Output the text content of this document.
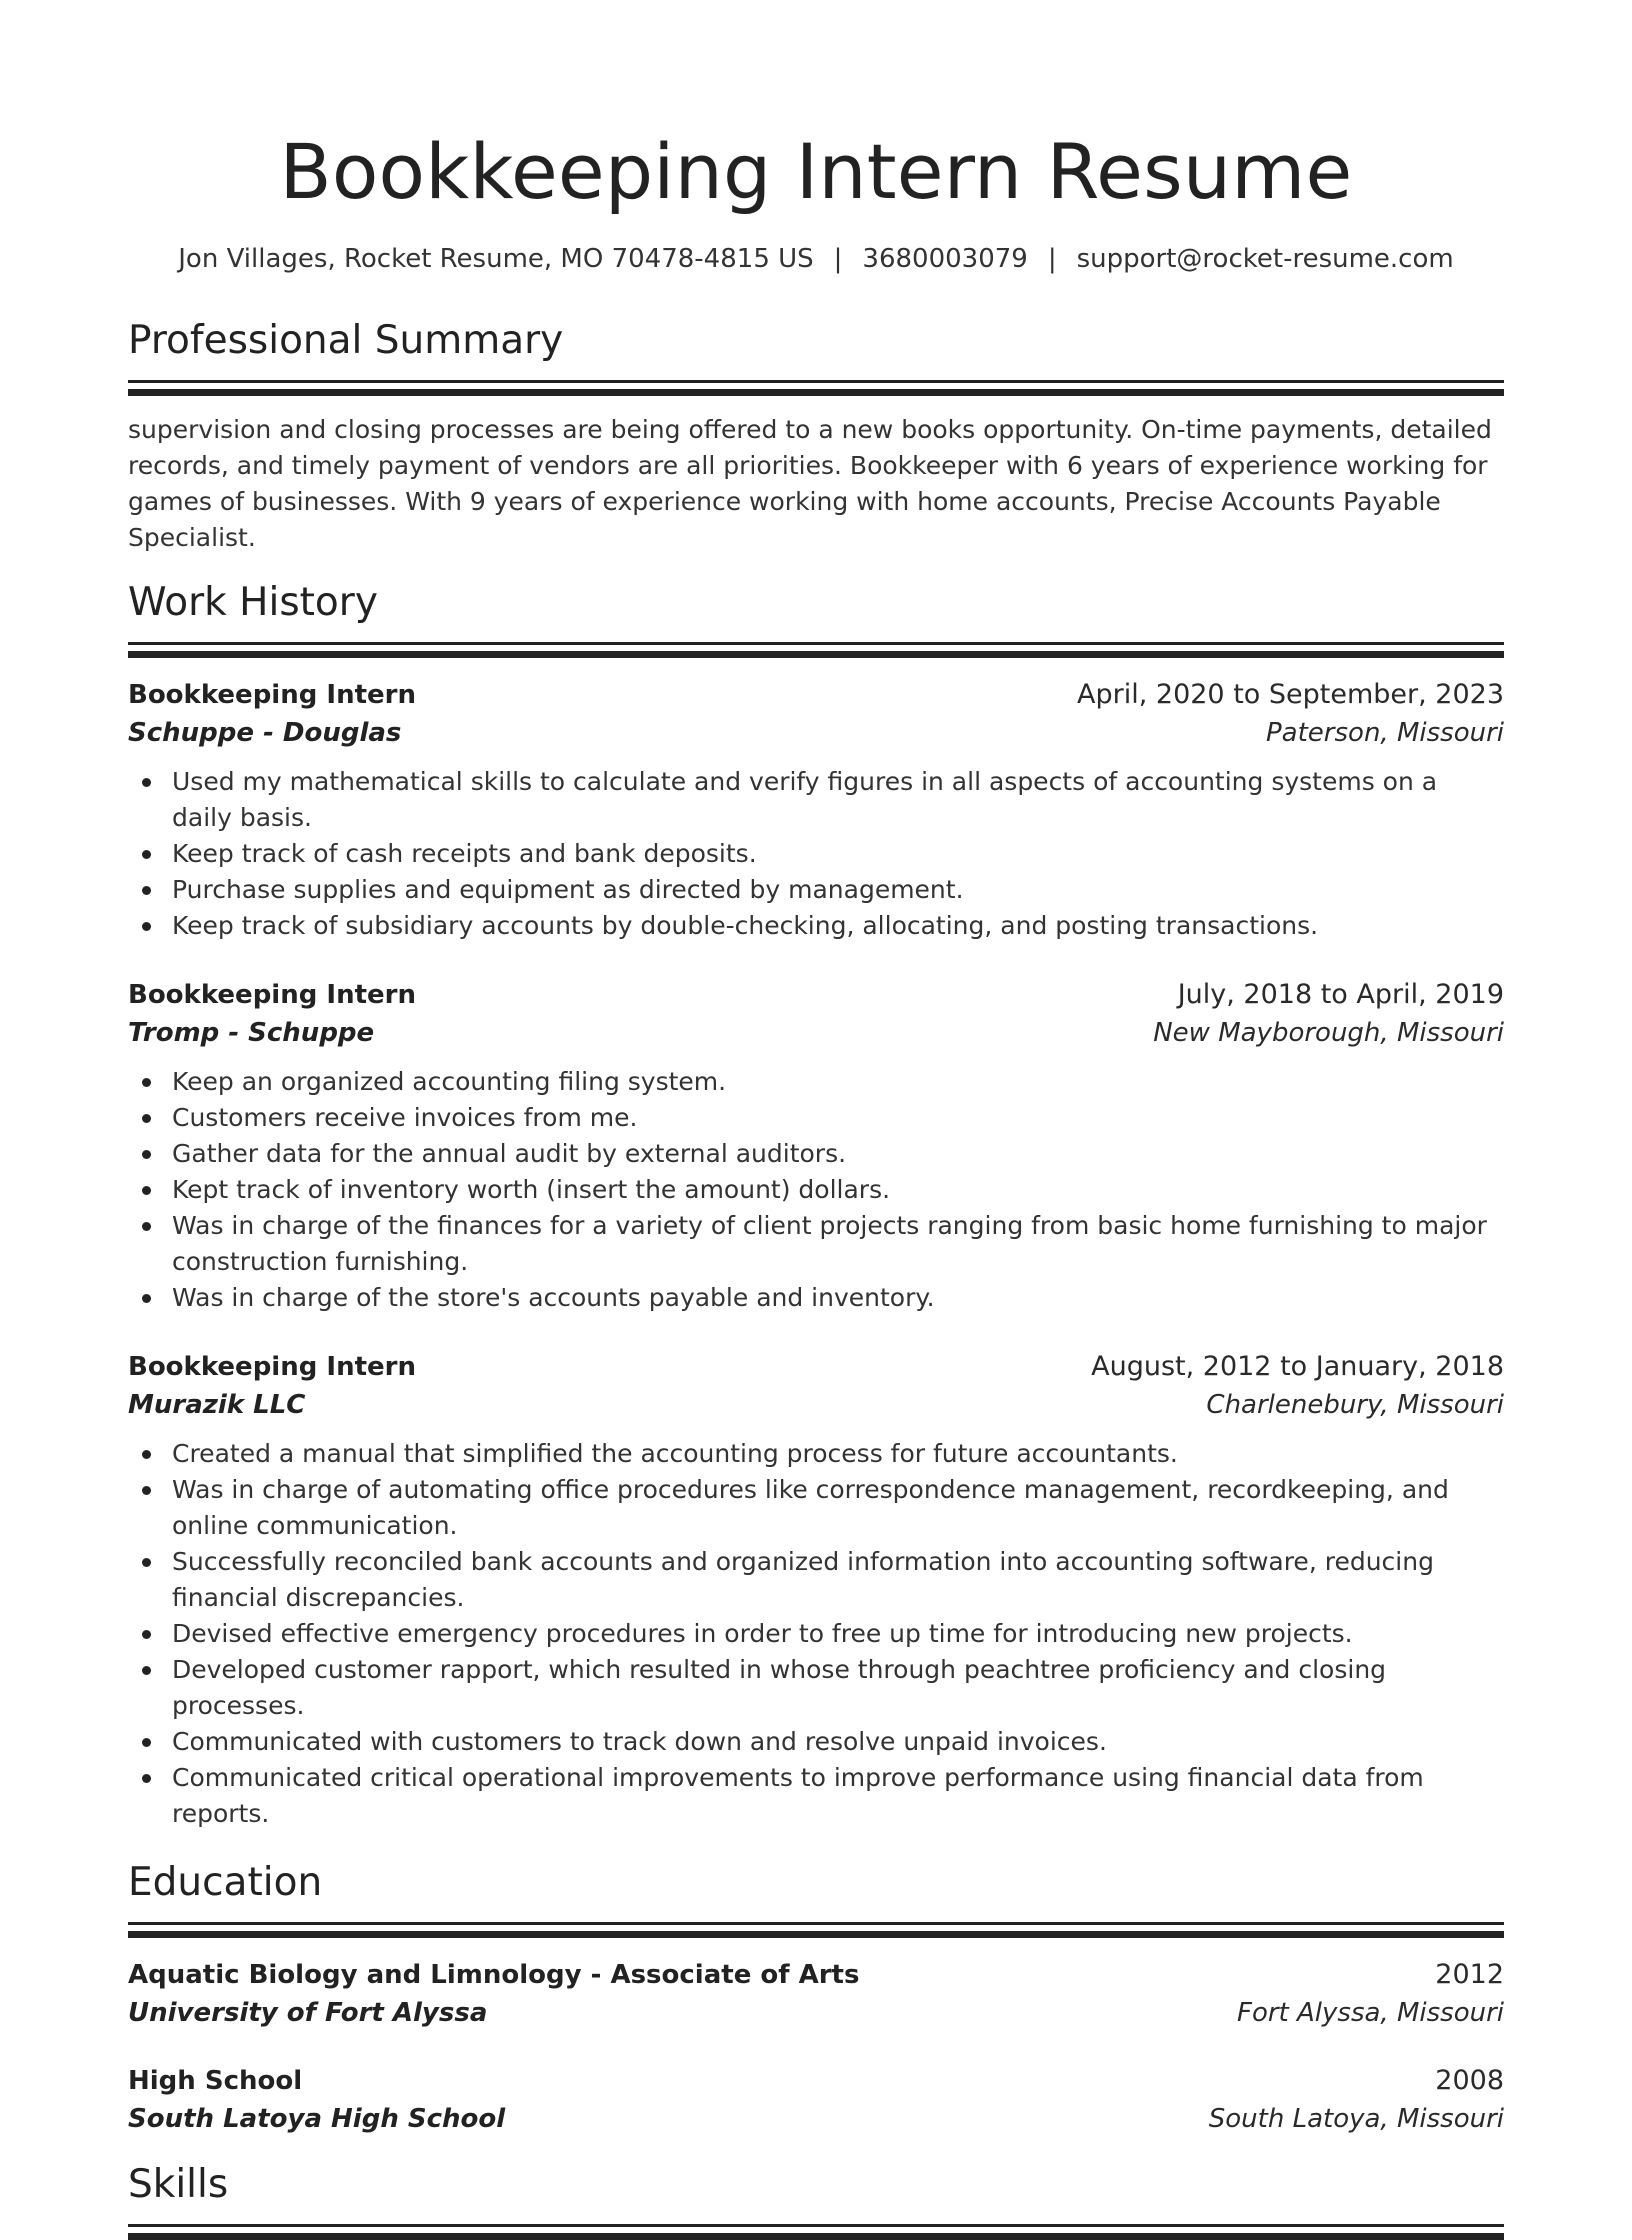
Bookkeeping Intern Resume
Jon Villages, Rocket Resume, MO 70478-4815 US | 3680003079 | support@rocket-resume.com
Professional Summary

supervision and closing processes are being offered to a new books opportunity. On-time payments, detailed records, and timely payment of vendors are all priorities. Bookkeeper with 6 years of experience working for games of businesses. With 9 years of experience working with home accounts, Precise Accounts Payable Specialist.

Work History
Bookkeeping Intern	April, 2020 to September, 2023
Schuppe - Douglas	Paterson, Missouri
Used my mathematical skills to calculate and verify figures in all aspects of accounting systems on a daily basis.
Keep track of cash receipts and bank deposits.
Purchase supplies and equipment as directed by management.
Keep track of subsidiary accounts by double-checking, allocating, and posting transactions.
Bookkeeping Intern	July, 2018 to April, 2019
Tromp - Schuppe	New Mayborough, Missouri
Keep an organized accounting filing system.
Customers receive invoices from me.
Gather data for the annual audit by external auditors.
Kept track of inventory worth (insert the amount) dollars.
Was in charge of the finances for a variety of client projects ranging from basic home furnishing to major construction furnishing.
Was in charge of the store's accounts payable and inventory.
Bookkeeping Intern	August, 2012 to January, 2018
Murazik LLC	Charlenebury, Missouri
Created a manual that simplified the accounting process for future accountants.
Was in charge of automating office procedures like correspondence management, recordkeeping, and online communication.
Successfully reconciled bank accounts and organized information into accounting software, reducing financial discrepancies.
Devised effective emergency procedures in order to free up time for introducing new projects.
Developed customer rapport, which resulted in whose through peachtree proficiency and closing processes.
Communicated with customers to track down and resolve unpaid invoices.
Communicated critical operational improvements to improve performance using financial data from reports.
Education
Aquatic Biology and Limnology - Associate of Arts	2012
University of Fort Alyssa	Fort Alyssa, Missouri
High School	2008
South Latoya High School	South Latoya, Missouri
Skills
